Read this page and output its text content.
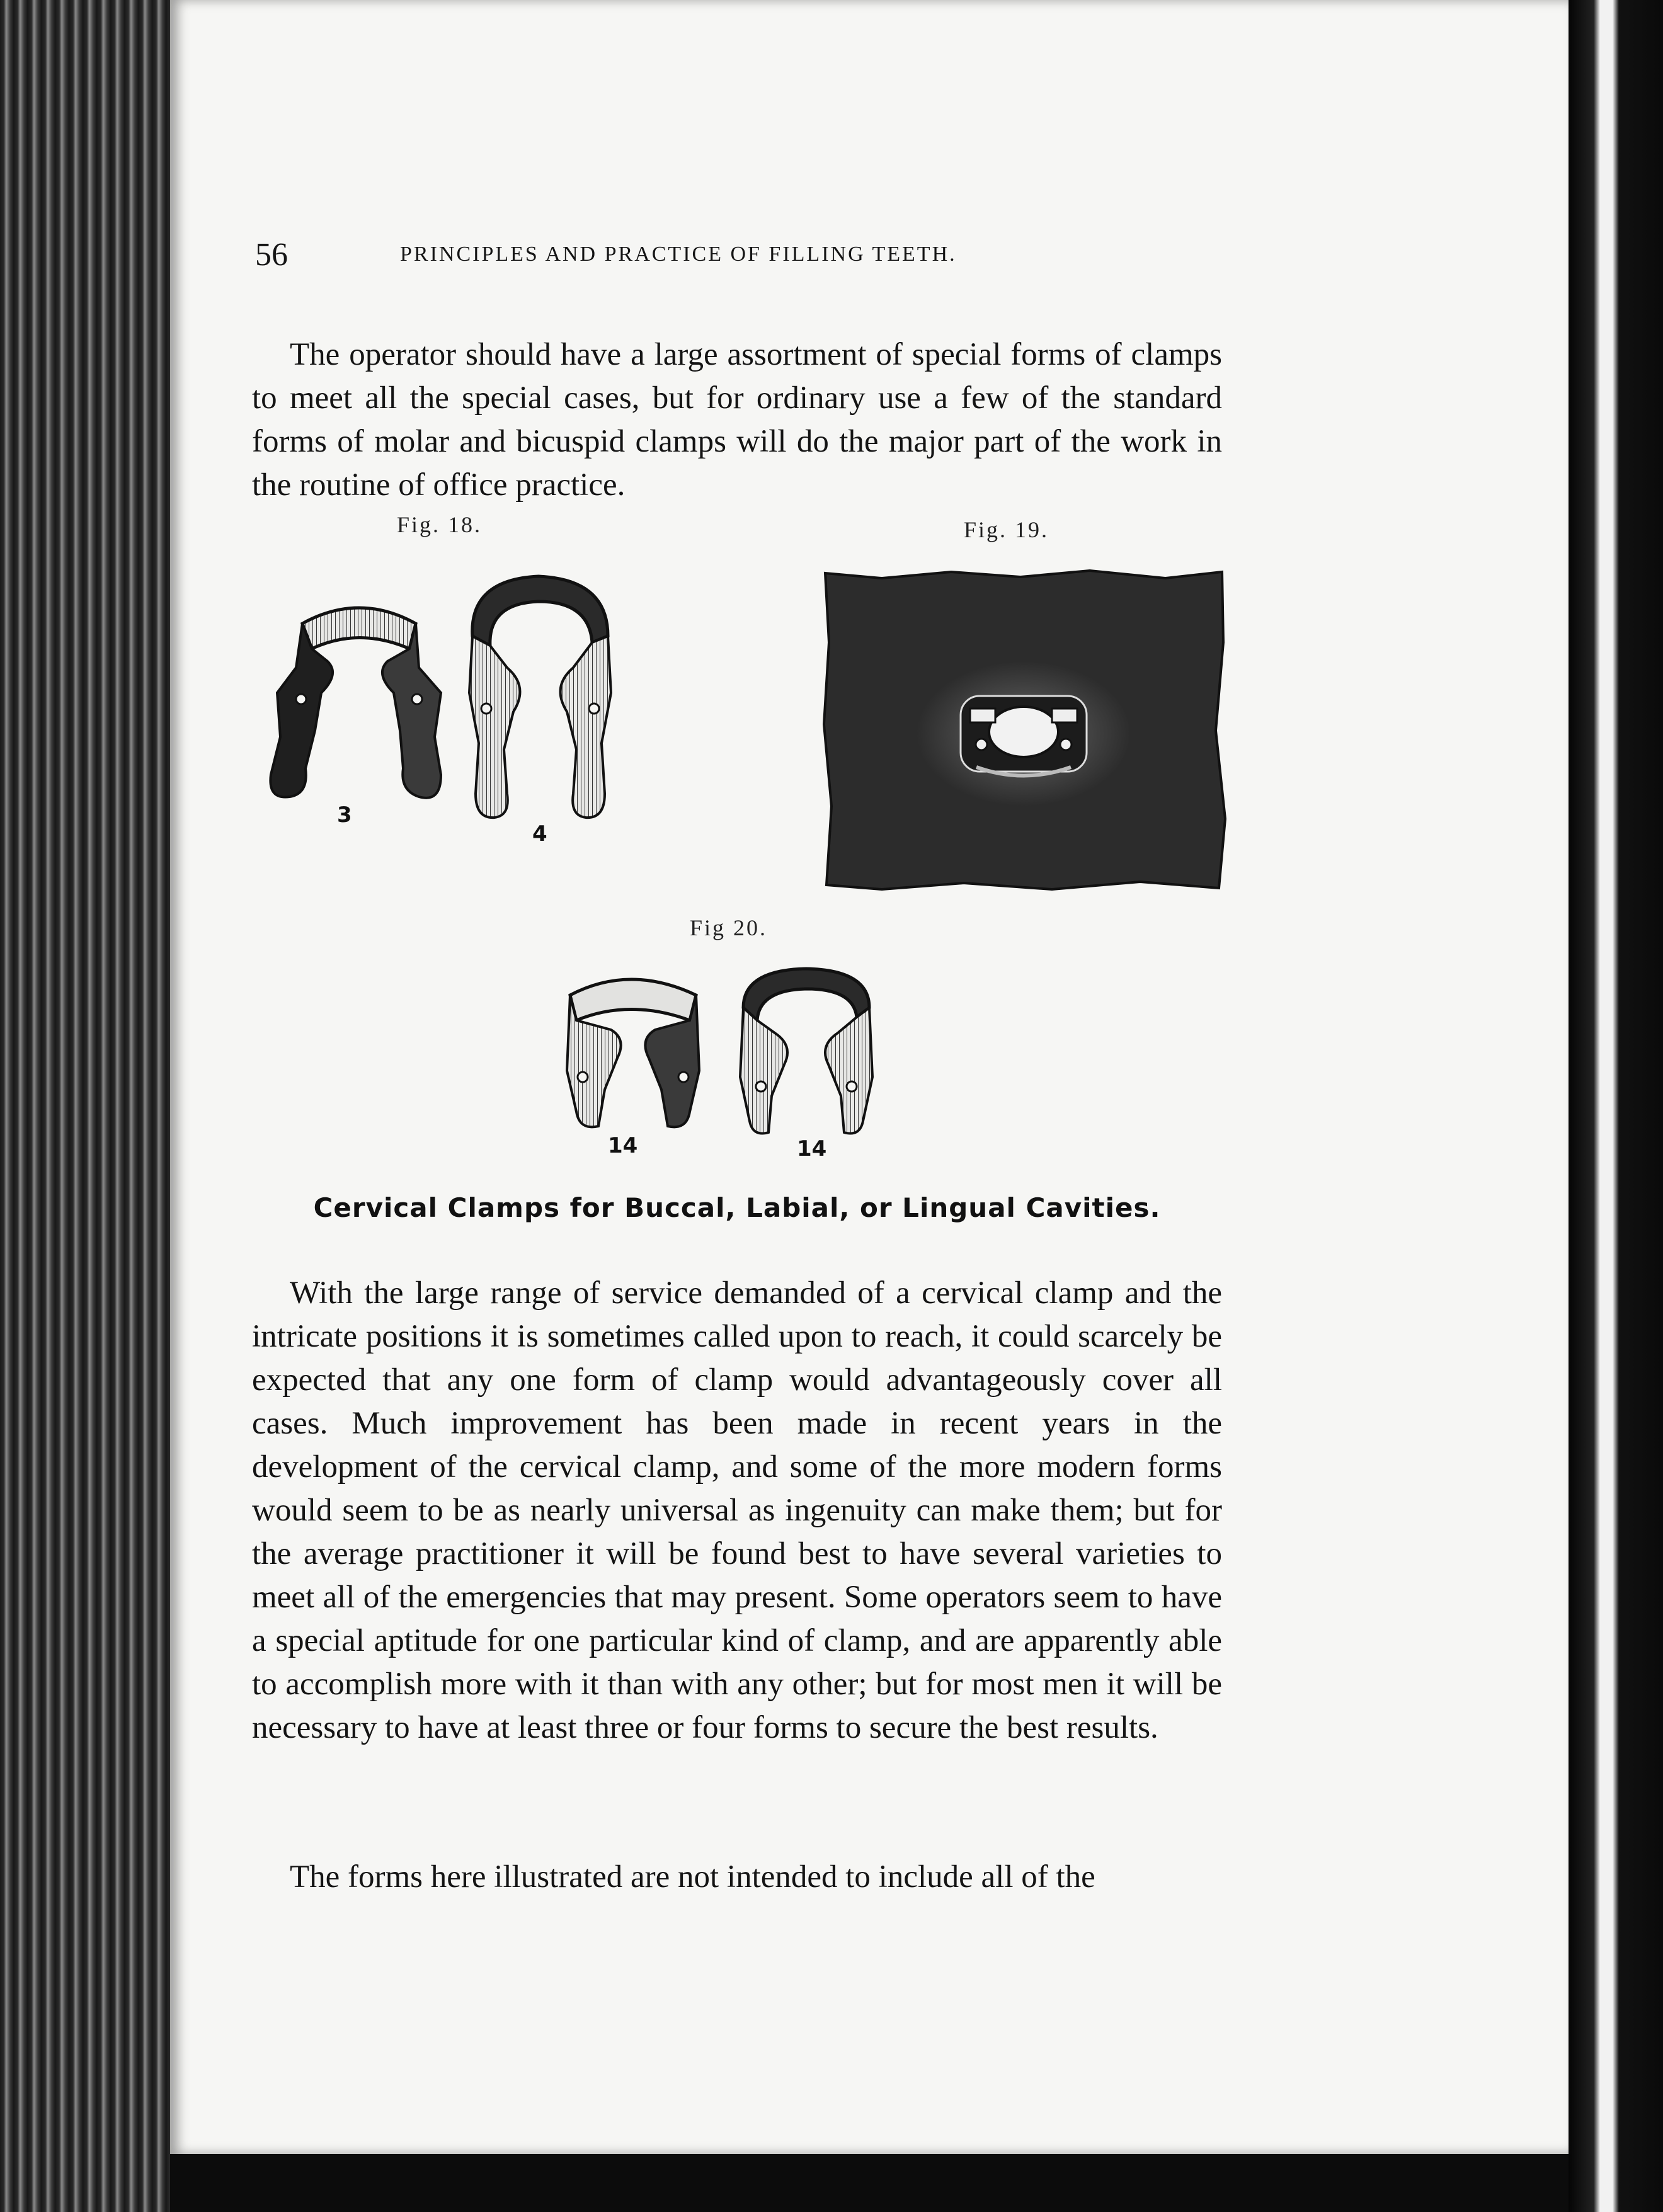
56	PRINCIPLES AND PRACTICE OF FILLING TEETH.

The operator should have a large assortment of special forms of clamps to meet all the special cases, but for ordinary use a few of the standard forms of molar and bicuspid clamps will do the major part of the work in the routine of office practice.

Fig. 18.	Fig. 19.
3
4
Fig 20.
14	14
Cervical Clamps for Buccal, Labial, or Lingual Cavities.

With the large range of service demanded of a cervical clamp and the intricate positions it is sometimes called upon to reach, it could scarcely be expected that any one form of clamp would advantageously cover all cases. Much improvement has been made in recent years in the development of the cervical clamp, and some of the more modern forms would seem to be as nearly universal as ingenuity can make them; but for the average practitioner it will be found best to have several varieties to meet all of the emergencies that may present. Some operators seem to have a special aptitude for one particular kind of clamp, and are apparently able to accomplish more with it than with any other; but for most men it will be necessary to have at least three or four forms to secure the best results.

The forms here illustrated are not intended to include all of the
